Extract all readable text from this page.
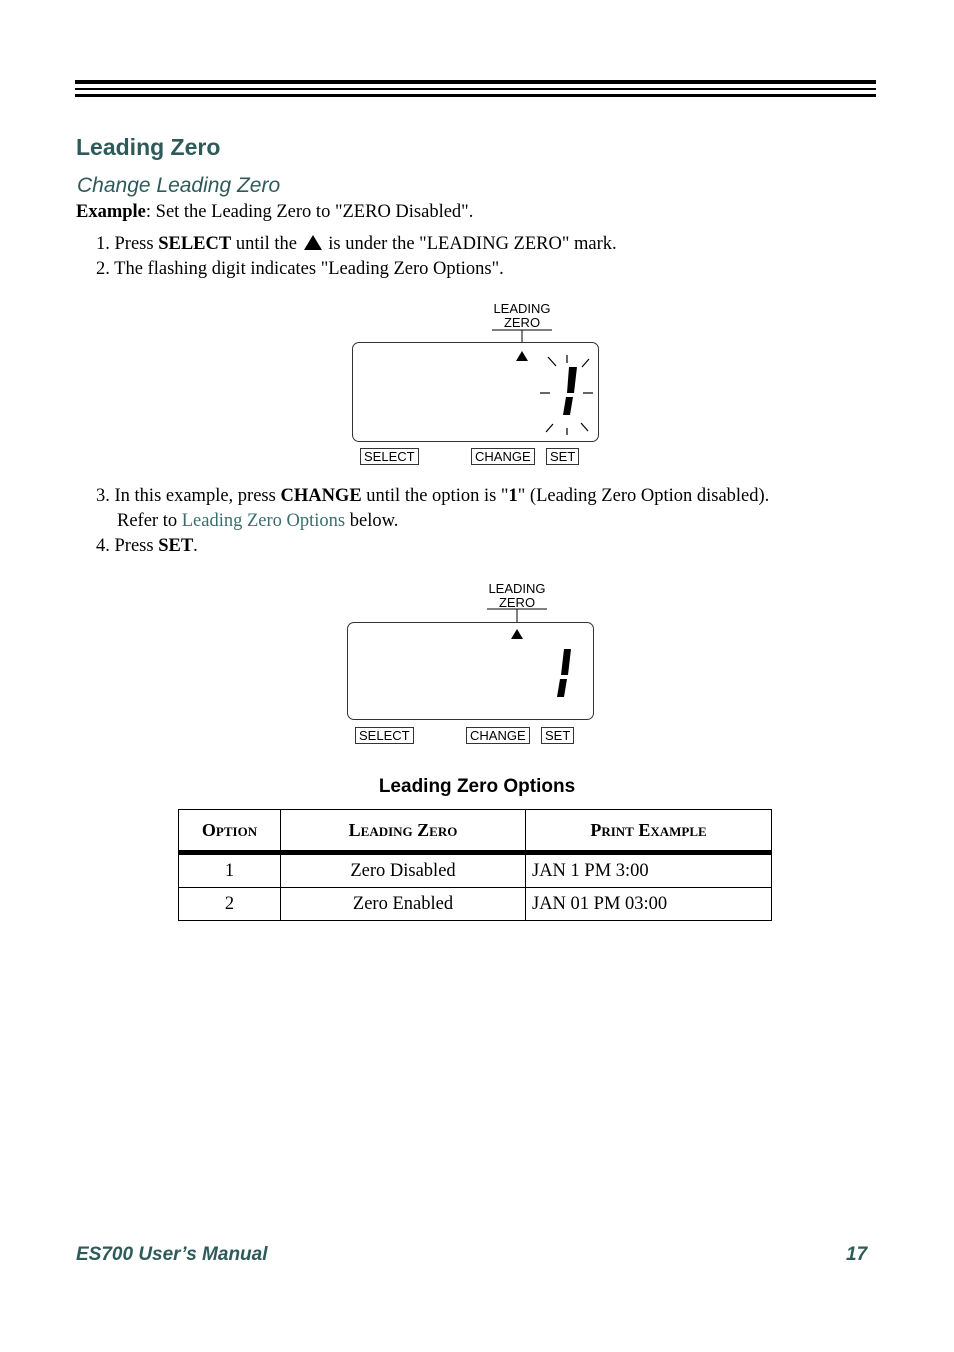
Leading Zero
Change Leading Zero
Example: Set the Leading Zero to "ZERO Disabled".
1. Press SELECT until the  is under the "LEADING ZERO" mark.
2. The flashing digit indicates "Leading Zero Options".
LEADING
ZERO
SELECT	CHANGE	SET
3. In this example, press CHANGE until the option is "1" (Leading Zero Option disabled).
Refer to Leading Zero Options below.
4. Press SET.
LEADING
ZERO
SELECT	CHANGE	SET
Leading Zero Options
Option	Leading Zero	Print Example
1	Zero Disabled	JAN 1 PM 3:00
2	Zero Enabled	JAN 01 PM 03:00
ES700 User’s Manual	17
